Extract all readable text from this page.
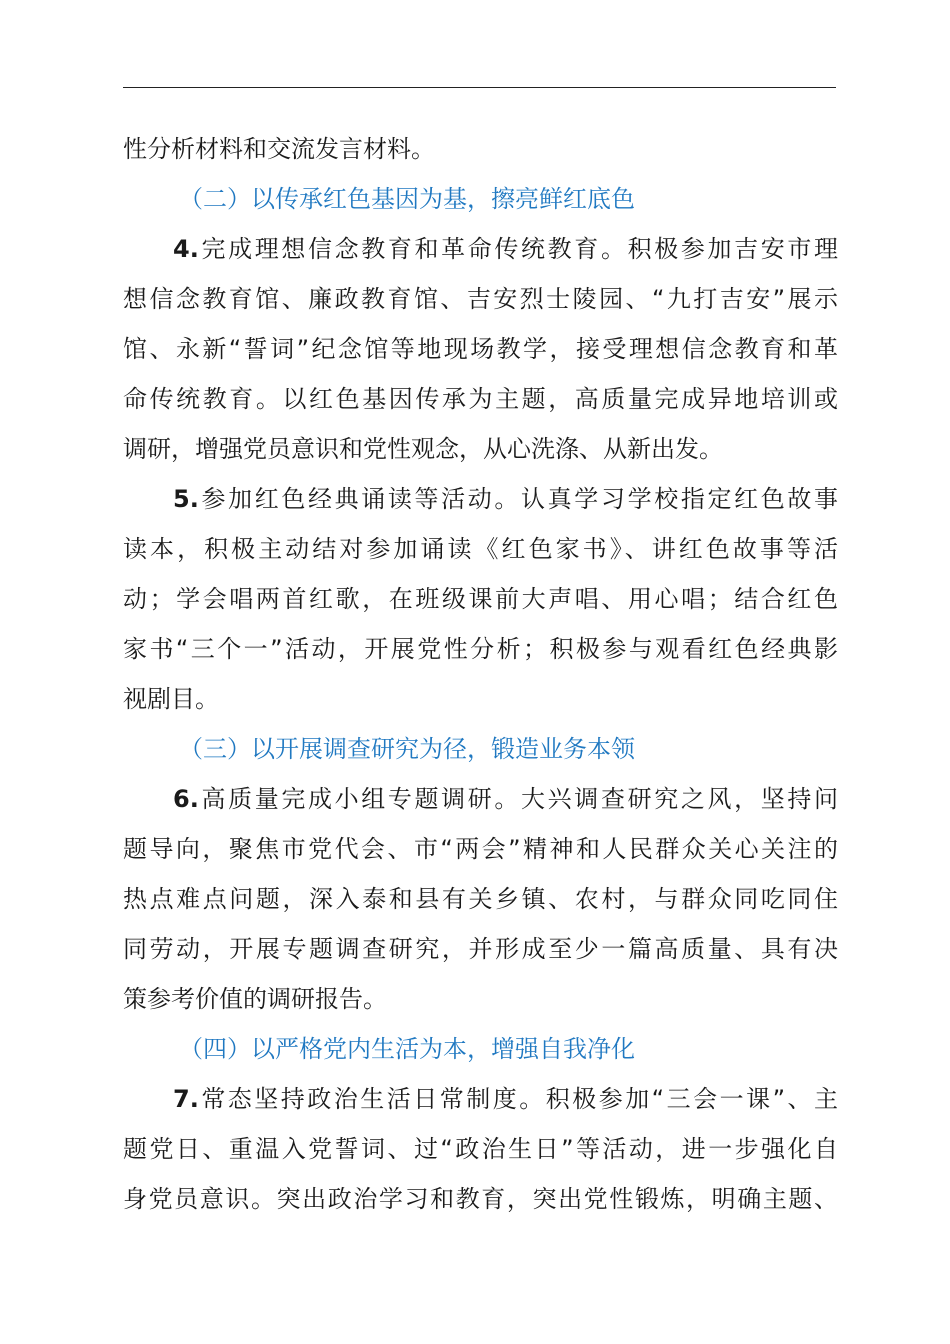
性分析材料和交流发言材料。
（二）以传承红色基因为基，擦亮鲜红底色
4.完成理想信念教育和革命传统教育。积极参加吉安市理
想信念教育馆、廉政教育馆、吉安烈士陵园、“九打吉安”展示
馆、永新“誓词”纪念馆等地现场教学，接受理想信念教育和革
命传统教育。以红色基因传承为主题，高质量完成异地培训或
调研，增强党员意识和党性观念，从心洗涤、从新出发。
5.参加红色经典诵读等活动。认真学习学校指定红色故事
读本，积极主动结对参加诵读《红色家书》、讲红色故事等活
动；学会唱两首红歌，在班级课前大声唱、用心唱；结合红色
家书“三个一”活动，开展党性分析；积极参与观看红色经典影
视剧目。
（三）以开展调查研究为径，锻造业务本领
6.高质量完成小组专题调研。大兴调查研究之风，坚持问
题导向，聚焦市党代会、市“两会”精神和人民群众关心关注的
热点难点问题，深入泰和县有关乡镇、农村，与群众同吃同住
同劳动，开展专题调查研究，并形成至少一篇高质量、具有决
策参考价值的调研报告。
（四）以严格党内生活为本，增强自我净化
7.常态坚持政治生活日常制度。积极参加“三会一课”、主
题党日、重温入党誓词、过“政治生日”等活动，进一步强化自
身党员意识。突出政治学习和教育，突出党性锻炼，明确主题、
